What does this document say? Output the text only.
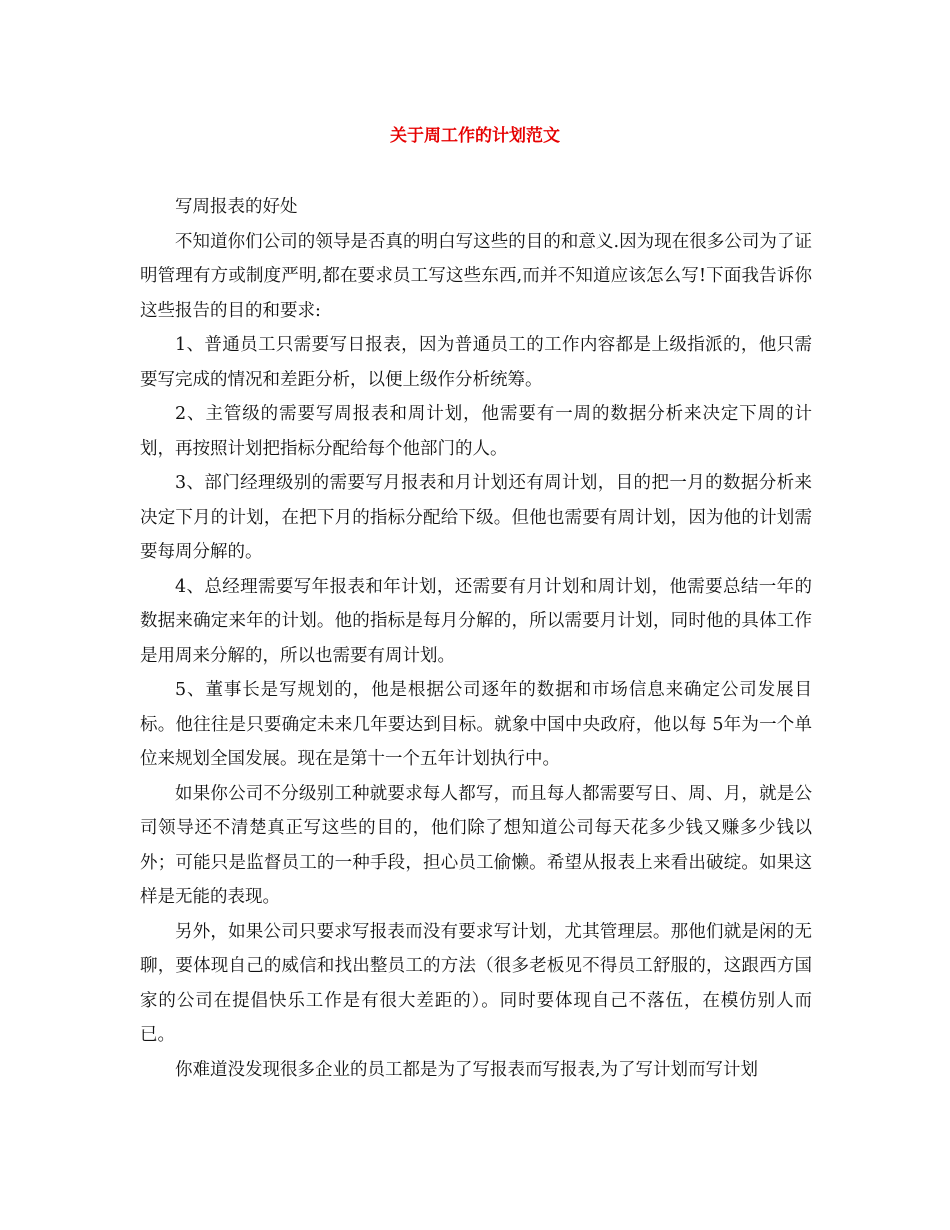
关于周工作的计划范文

写周报表的好处

不知道你们公司的领导是否真的明白写这些的目的和意义.因为现在很多公司为了证明管理有方或制度严明,都在要求员工写这些东西,而并不知道应该怎么写!下面我告诉你这些报告的目的和要求:

1、普通员工只需要写日报表，因为普通员工的工作内容都是上级指派的，他只需要写完成的情况和差距分析，以便上级作分析统筹。

2、主管级的需要写周报表和周计划，他需要有一周的数据分析来决定下周的计划，再按照计划把指标分配给每个他部门的人。

3、部门经理级别的需要写月报表和月计划还有周计划，目的把一月的数据分析来决定下月的计划，在把下月的指标分配给下级。但他也需要有周计划，因为他的计划需要每周分解的。

4、总经理需要写年报表和年计划，还需要有月计划和周计划，他需要总结一年的数据来确定来年的计划。他的指标是每月分解的，所以需要月计划，同时他的具体工作是用周来分解的，所以也需要有周计划。

5、董事长是写规划的，他是根据公司逐年的数据和市场信息来确定公司发展目标。他往往是只要确定未来几年要达到目标。就象中国中央政府，他以每 5年为一个单位来规划全国发展。现在是第十一个五年计划执行中。

如果你公司不分级别工种就要求每人都写，而且每人都需要写日、周、月，就是公司领导还不清楚真正写这些的目的，他们除了想知道公司每天花多少钱又赚多少钱以外；可能只是监督员工的一种手段，担心员工偷懒。希望从报表上来看出破绽。如果这样是无能的表现。

另外，如果公司只要求写报表而没有要求写计划，尤其管理层。那他们就是闲的无聊，要体现自己的威信和找出整员工的方法（很多老板见不得员工舒服的，这跟西方国家的公司在提倡快乐工作是有很大差距的）。同时要体现自己不落伍，在模仿别人而已。

你难道没发现很多企业的员工都是为了写报表而写报表,为了写计划而写计划
